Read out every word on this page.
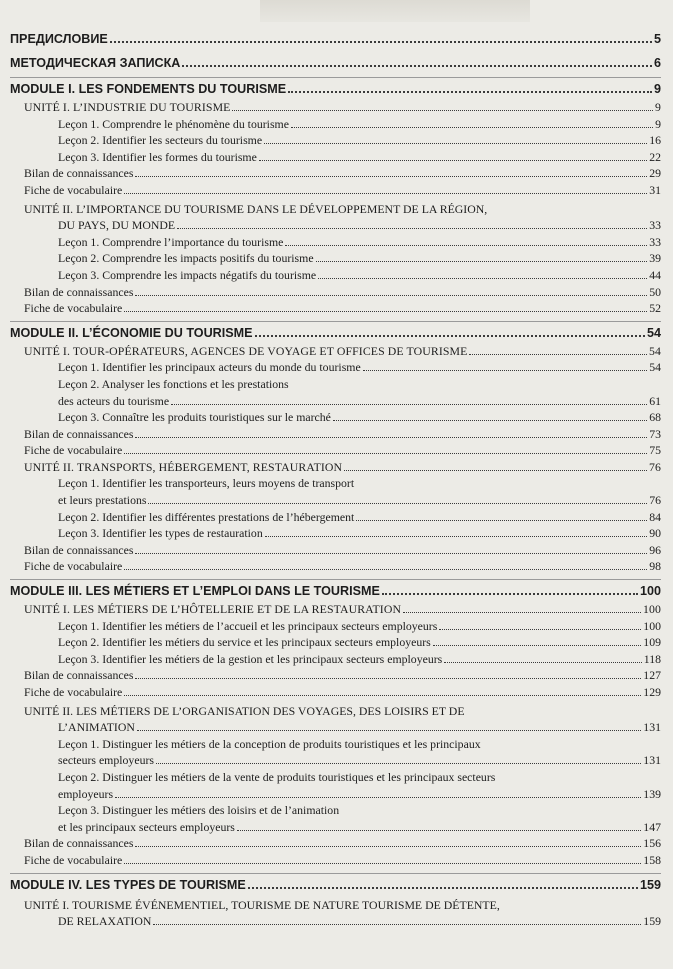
ПРЕДИСЛОВИЕ	5
МЕТОДИЧЕСКАЯ ЗАПИСКА	6
MODULE I. LES FONDEMENTS DU TOURISME	9
UNITÉ I. L’INDUSTRIE DU TOURISME	9
Leçon 1. Comprendre le phénomène du tourisme	9
Leçon 2. Identifier les secteurs du tourisme	16
Leçon 3. Identifier les formes du tourisme	22
Bilan de connaissances	29
Fiche de vocabulaire	31
UNITÉ II. L’IMPORTANCE DU TOURISME DANS LE DÉVELOPPEMENT DE LA RÉGION,
DU PAYS, DU MONDE	33
Leçon 1. Comprendre l’importance du tourisme	33
Leçon 2. Comprendre les impacts positifs du tourisme	39
Leçon 3. Comprendre les impacts négatifs du tourisme	44
Bilan de connaissances	50
Fiche de vocabulaire	52
MODULE II. L’ÉCONOMIE DU TOURISME	54
UNITÉ I. TOUR-OPÉRATEURS, AGENCES DE VOYAGE ET OFFICES DE TOURISME	54
Leçon 1. Identifier les principaux acteurs du monde du tourisme	54
Leçon 2. Analyser les fonctions et les prestations
des acteurs du tourisme	61
Leçon 3. Connaître les produits touristiques sur le marché	68
Bilan de connaissances	73
Fiche de vocabulaire	75
UNITÉ II. TRANSPORTS, HÉBERGEMENT, RESTAURATION	76
Leçon 1. Identifier les transporteurs, leurs moyens de transport
et leurs prestations	76
Leçon 2. Identifier les différentes prestations de l’hébergement	84
Leçon 3. Identifier les types de restauration	90
Bilan de connaissances	96
Fiche de vocabulaire	98
MODULE III. LES MÉTIERS ET L’EMPLOI DANS LE TOURISME	100
UNITÉ I. LES MÉTIERS DE L’HÔTELLERIE ET DE LA RESTAURATION	100
Leçon 1. Identifier les métiers de l’accueil et les principaux secteurs employeurs	100
Leçon 2. Identifier les métiers du service et les principaux secteurs employeurs	109
Leçon 3. Identifier les métiers de la gestion et les principaux secteurs employeurs	118
Bilan de connaissances	127
Fiche de vocabulaire	129
UNITÉ II. LES MÉTIERS DE L’ORGANISATION DES VOYAGES, DES LOISIRS ET DE
L’ANIMATION	131
Leçon 1. Distinguer les métiers de la conception de produits touristiques et les principaux
secteurs employeurs	131
Leçon 2. Distinguer les métiers de la vente de produits touristiques et les principaux secteurs
employeurs	139
Leçon 3. Distinguer les métiers des loisirs et de l’animation
et les principaux secteurs employeurs	147
Bilan de connaissances	156
Fiche de vocabulaire	158
MODULE IV. LES TYPES DE TOURISME	159
UNITÉ I. TOURISME ÉVÉNEMENTIEL, TOURISME DE NATURE TOURISME DE DÉTENTE,
DE RELAXATION	159
